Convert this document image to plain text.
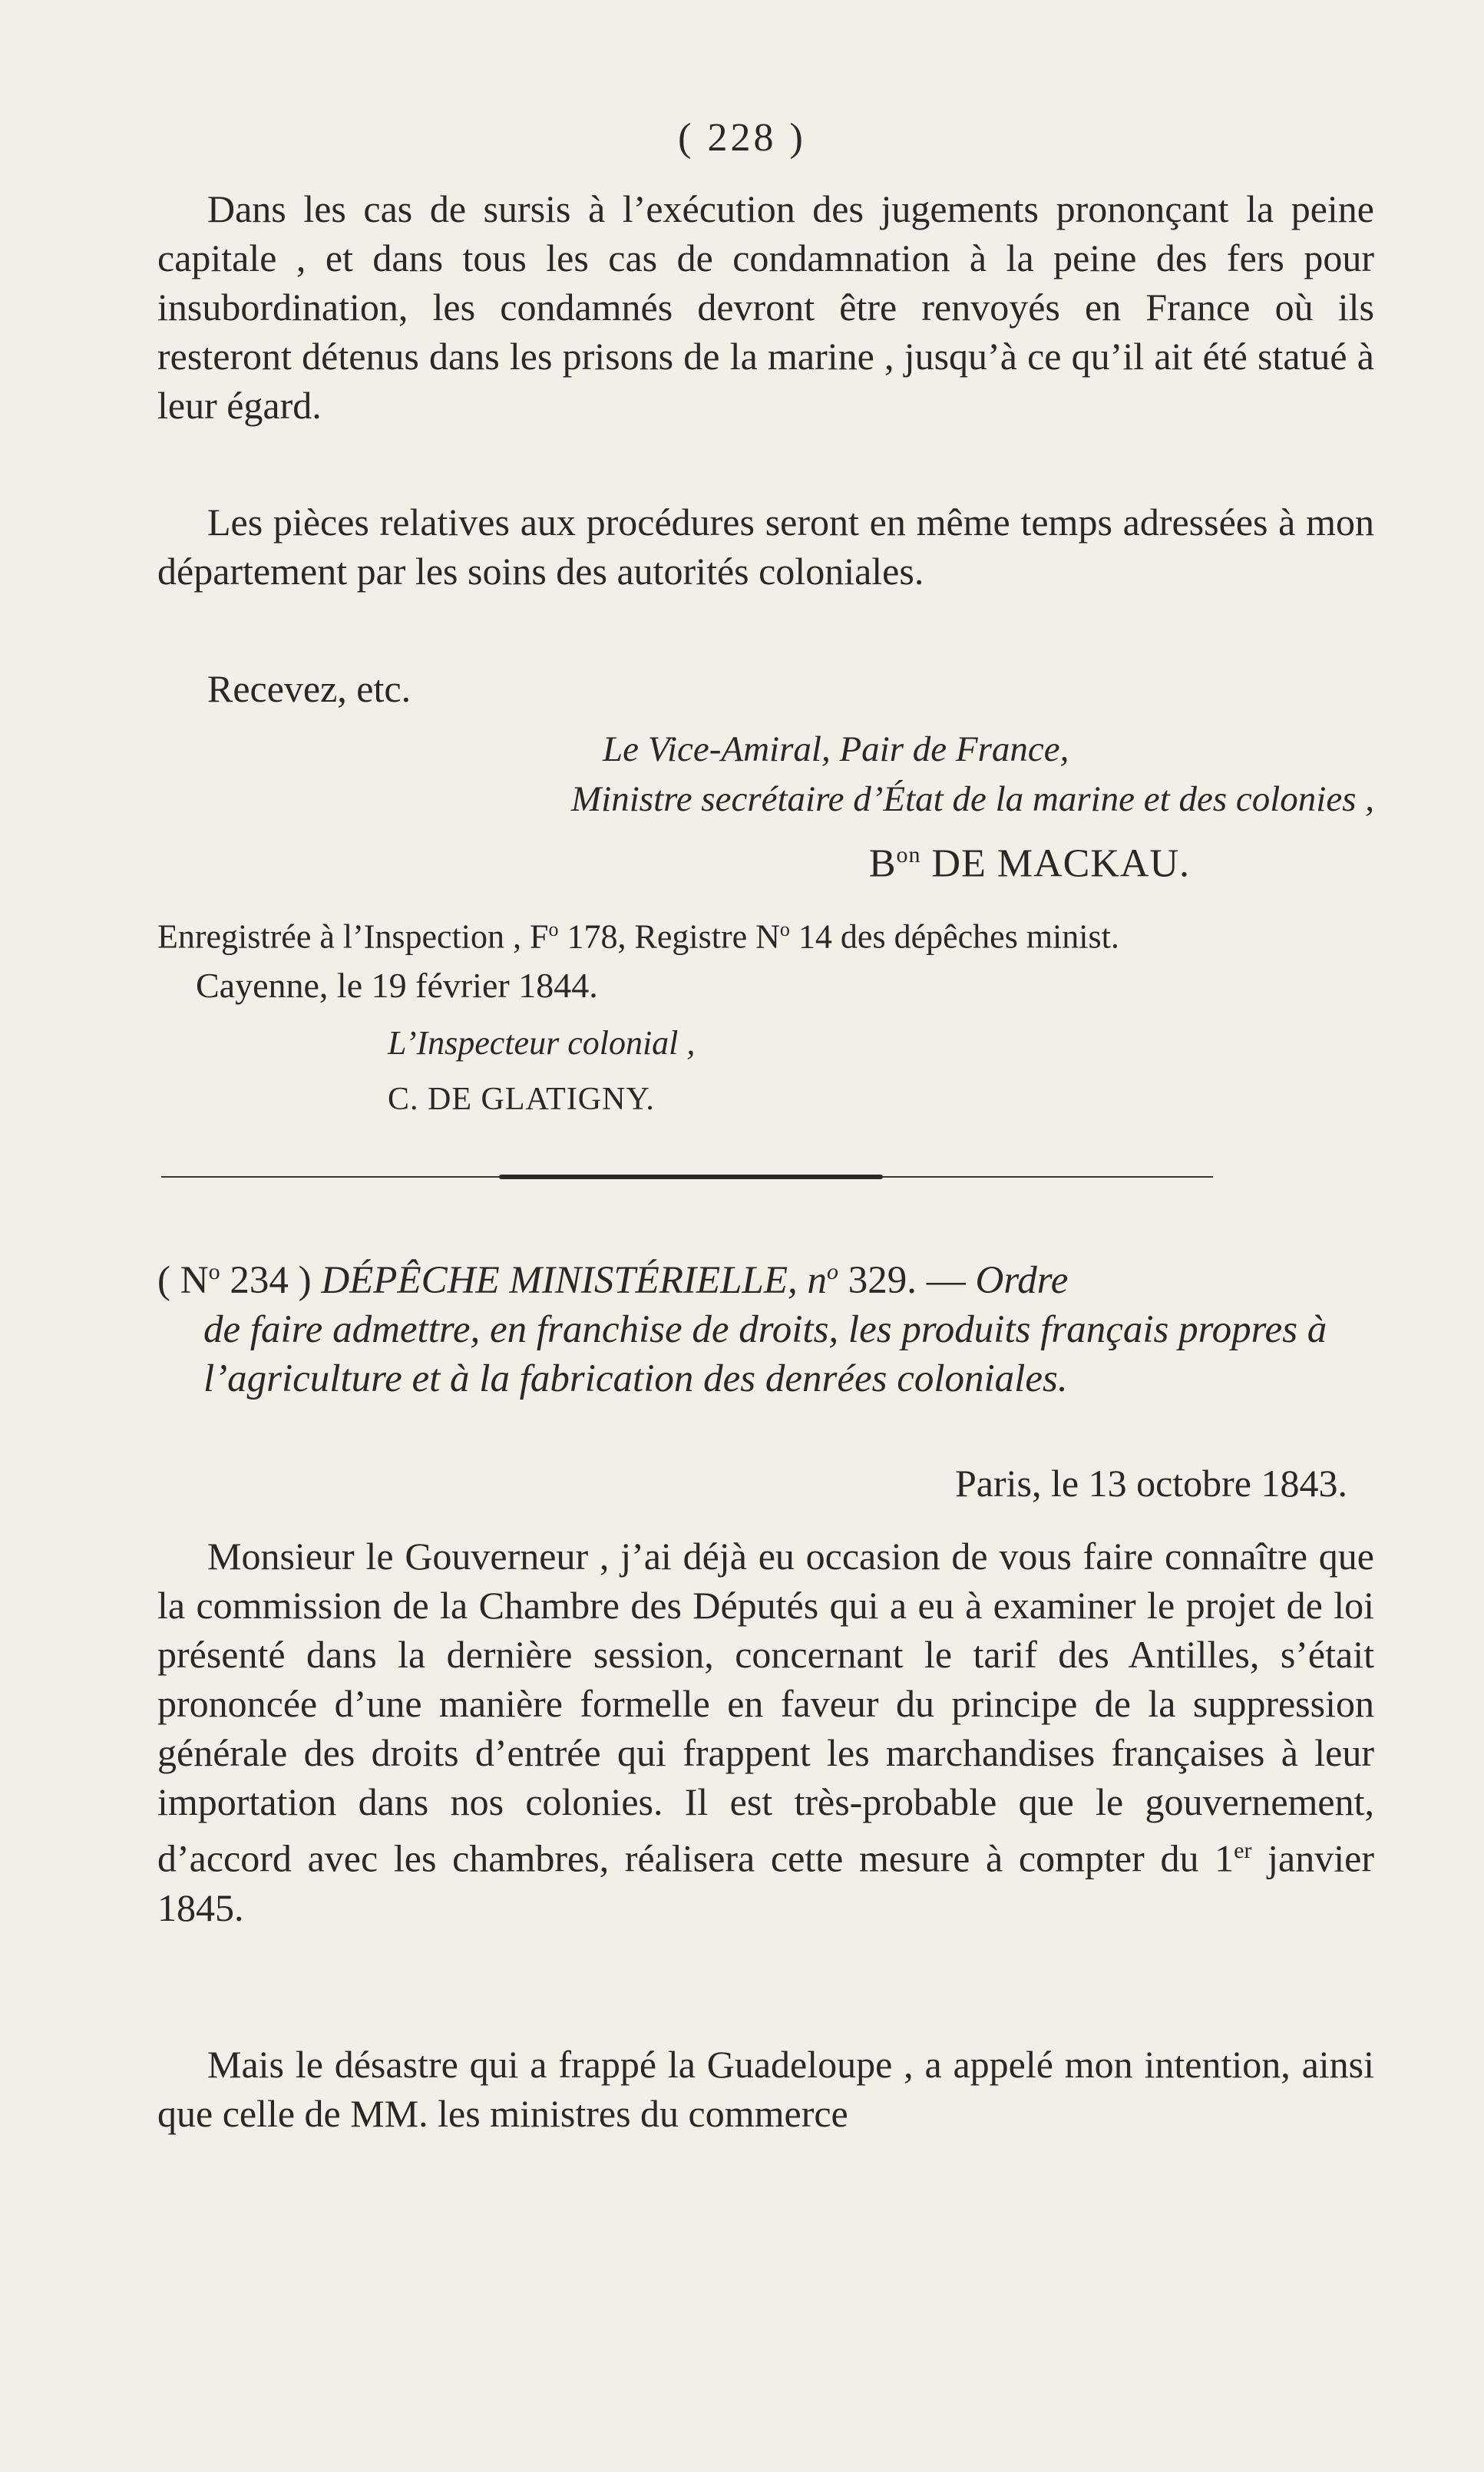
( 228 )

Dans les cas de sursis à l’exécution des jugements prononçant la peine capitale , et dans tous les cas de condamnation à la peine des fers pour insubordination, les condamnés devront être renvoyés en France où ils resteront détenus dans les prisons de la marine , jusqu’à ce qu’il ait été statué à leur égard.

Les pièces relatives aux procédures seront en même temps adressées à mon département par les soins des autorités coloniales.

Recevez, etc.

Le Vice-Amiral, Pair de France,
Ministre secrétaire d’État de la marine et des colonies ,
$B^{on}$ DE MACKAU.
Enregistrée à l’Inspection , $F^o$ 178, Registre $N^o$ 14 des dépêches minist.
Cayenne, le 19 février 1844.
L’Inspecteur colonial ,
C. DE GLATIGNY.
( $N^o$ 234 ) DÉPÊCHE MINISTÉRIELLE, $n^o$ 329. — Ordre
de faire admettre, en franchise de droits, les produits français propres à l’agriculture et à la fabrication des denrées coloniales.
Paris, le 13 octobre 1843.

Monsieur le Gouverneur , j’ai déjà eu occasion de vous faire connaître que la commission de la Chambre des Députés qui a eu à examiner le projet de loi présenté dans la dernière session, concernant le tarif des Antilles, s’était prononcée d’une manière formelle en faveur du principe de la suppression générale des droits d’entrée qui frappent les marchandises françaises à leur importation dans nos colonies. Il est très-probable que le gouvernement, d’accord avec les chambres, réalisera cette mesure à compter du 1er janvier 1845.

Mais le désastre qui a frappé la Guadeloupe , a appelé mon intention, ainsi que celle de MM. les ministres du commerce
